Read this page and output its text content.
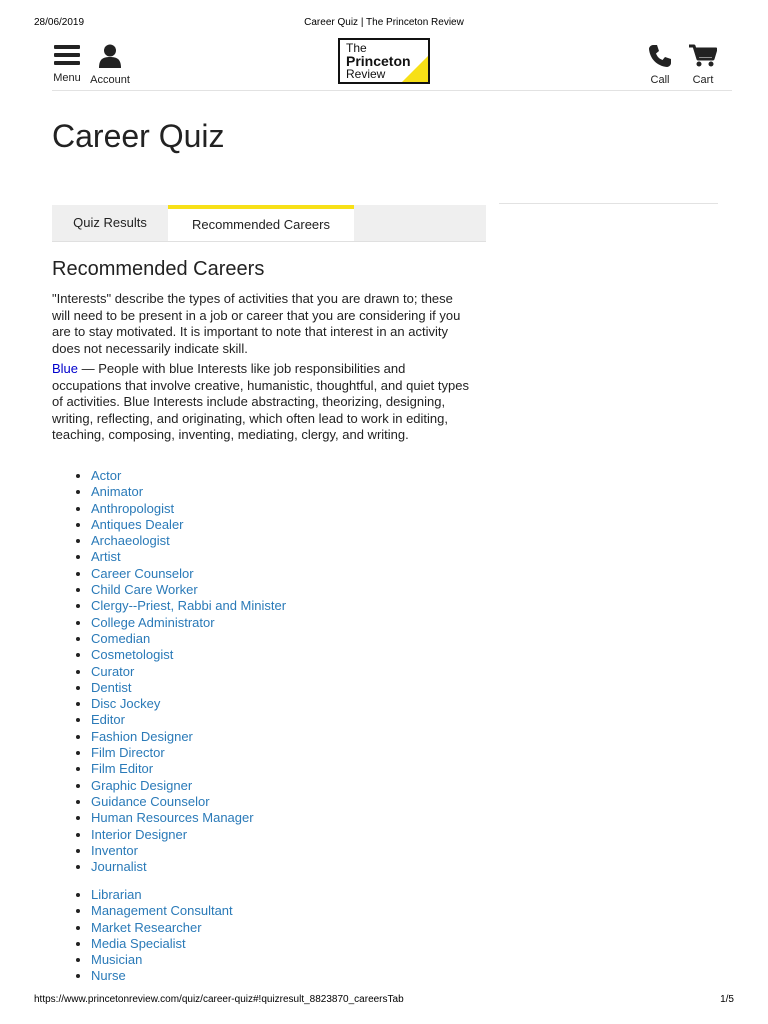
28/06/2019	Career Quiz | The Princeton Review
Menu Account
The
Princeton
Review	Call	Cart
Career Quiz
Quiz Results	Recommended Careers
Recommended Careers

"Interests" describe the types of activities that you are drawn to; these will need to be present in a job or career that you are considering if you are to stay motivated. It is important to note that interest in an activity does not necessarily indicate skill.

Blue — People with blue Interests like job responsibilities and occupations that involve creative, humanistic, thoughtful, and quiet types of activities. Blue Interests include abstracting, theorizing, designing, writing, reflecting, and originating, which often lead to work in editing, teaching, composing, inventing, mediating, clergy, and writing.

• Actor
• Animator
• Anthropologist
• Antiques Dealer
• Archaeologist
• Artist
• Career Counselor
• Child Care Worker
• Clergy--Priest, Rabbi and Minister
• College Administrator
• Comedian
• Cosmetologist
• Curator
• Dentist
• Disc Jockey
• Editor
• Fashion Designer
• Film Director
• Film Editor
• Graphic Designer
• Guidance Counselor
• Human Resources Manager
• Interior Designer
• Inventor
• Journalist
• Librarian
• Management Consultant
• Market Researcher
• Media Specialist
• Musician
• Nurse
https://www.princetonreview.com/quiz/career-quiz#!quizresult_8823870_careersTab	1/5
